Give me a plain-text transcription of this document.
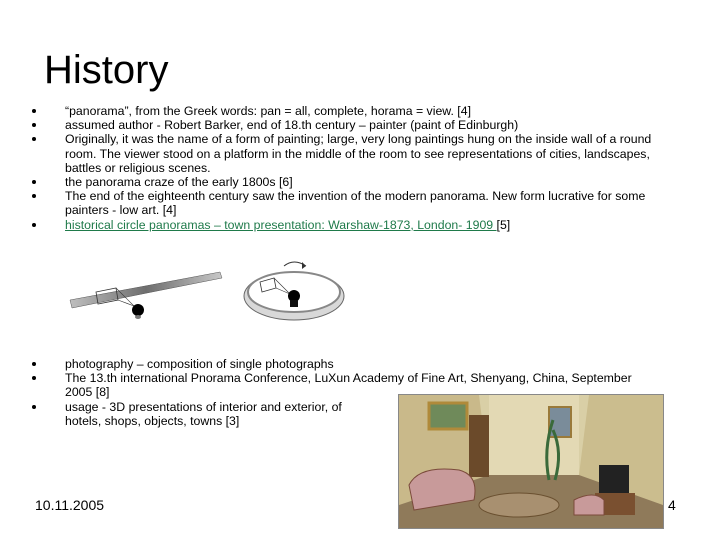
History
“panorama”, from the Greek words: pan = all, complete, horama = view. [4]
assumed author - Robert Barker, end of 18.th century – painter (paint of Edinburgh)
Originally, it was the name of a form of painting; large, very long paintings hung on the inside wall of a round room. The viewer stood on a platform in the middle of the room to see representations of cities, landscapes, battles or religious scenes.
the panorama craze of the early 1800s [6]
The end of the eighteenth century saw the invention of the modern panorama. New form lucrative for some painters - low art. [4]
historical circle panoramas – town presentation: Warshaw-1873, London- 1909 [5]
photography – composition of single photographs
The 13.th international Pnorama Conference, LuXun Academy of Fine Art, Shenyang, China, September 2005 [8]
usage - 3D presentations of interior and exterior, of hotels, shops, objects, towns [3]
10.11.2005	4
